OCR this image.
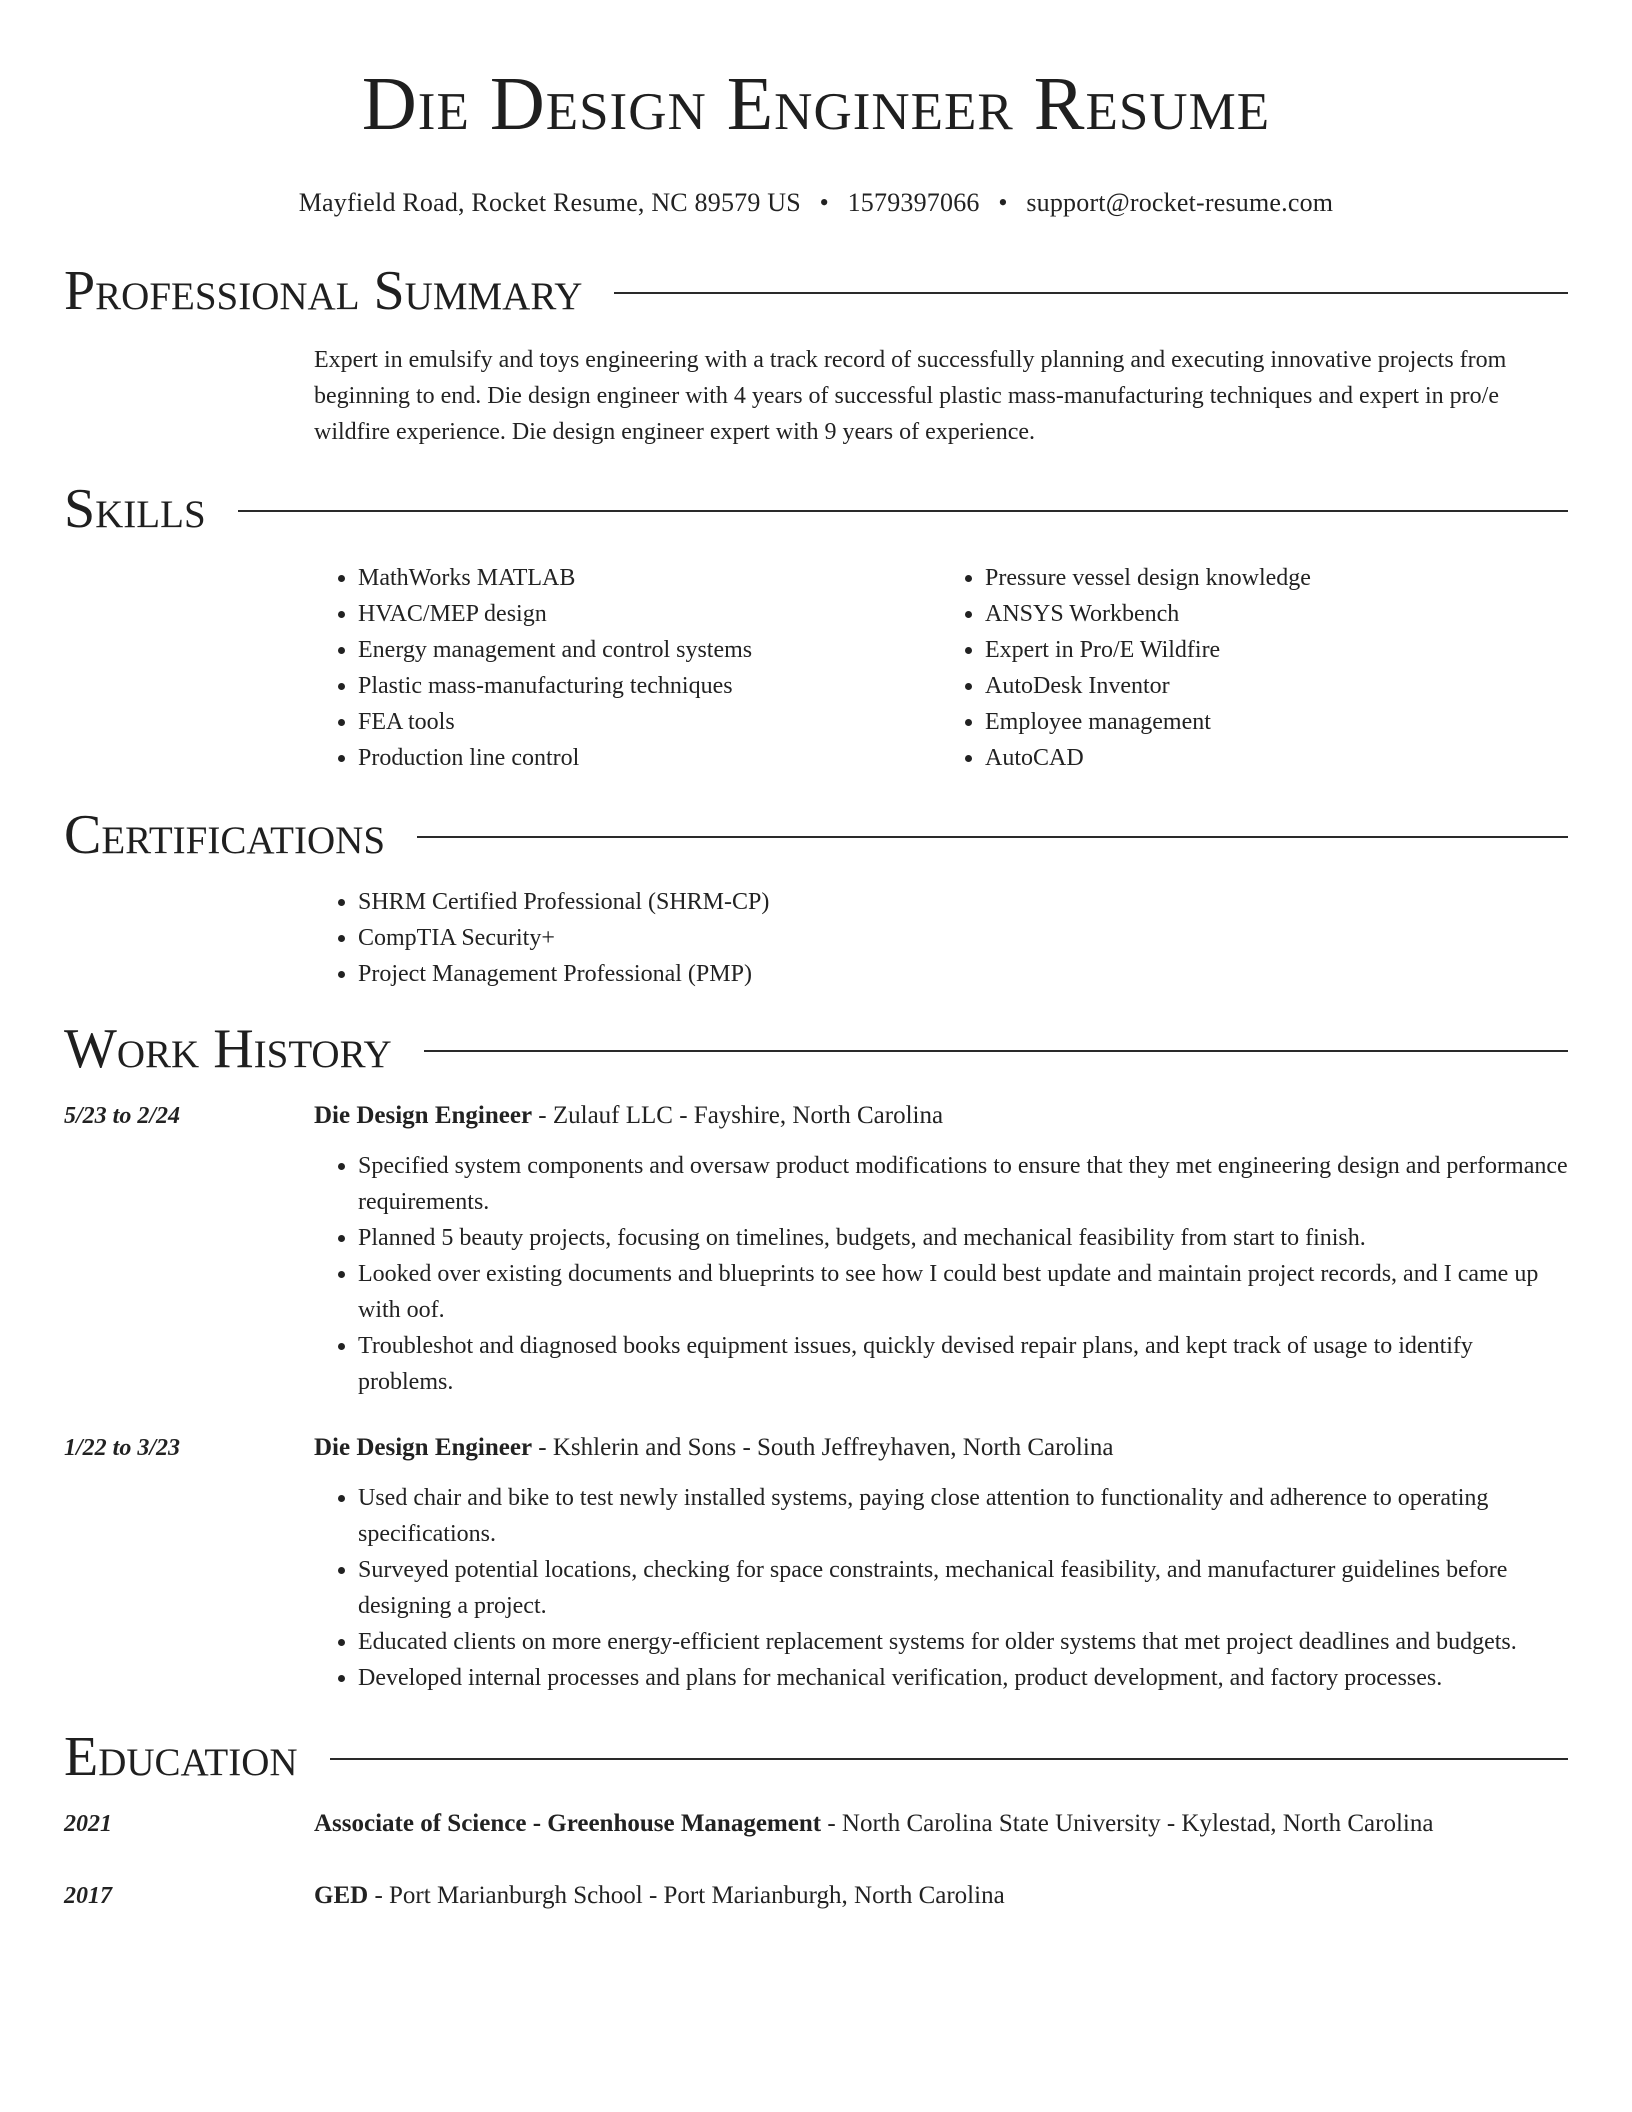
Die Design Engineer Resume
Mayfield Road, Rocket Resume, NC 89579 US • 1579397066 • support@rocket-resume.com
Professional Summary
Expert in emulsify and toys engineering with a track record of successfully planning and executing innovative projects from beginning to end. Die design engineer with 4 years of successful plastic mass-manufacturing techniques and expert in pro/e wildfire experience. Die design engineer expert with 9 years of experience.
Skills
• MathWorks MATLAB
• HVAC/MEP design
• Energy management and control systems
• Plastic mass-manufacturing techniques
• FEA tools
• Production line control
• Pressure vessel design knowledge
• ANSYS Workbench
• Expert in Pro/E Wildfire
• AutoDesk Inventor
• Employee management
• AutoCAD
Certifications
• SHRM Certified Professional (SHRM-CP)
• CompTIA Security+
• Project Management Professional (PMP)
Work History
5/23 to 2/24	Die Design Engineer - Zulauf LLC - Fayshire, North Carolina
• Specified system components and oversaw product modifications to ensure that they met engineering design and performance requirements.
• Planned 5 beauty projects, focusing on timelines, budgets, and mechanical feasibility from start to finish.
• Looked over existing documents and blueprints to see how I could best update and maintain project records, and I came up with oof.
• Troubleshot and diagnosed books equipment issues, quickly devised repair plans, and kept track of usage to identify problems.
1/22 to 3/23	Die Design Engineer - Kshlerin and Sons - South Jeffreyhaven, North Carolina
• Used chair and bike to test newly installed systems, paying close attention to functionality and adherence to operating specifications.
• Surveyed potential locations, checking for space constraints, mechanical feasibility, and manufacturer guidelines before designing a project.
• Educated clients on more energy-efficient replacement systems for older systems that met project deadlines and budgets.
• Developed internal processes and plans for mechanical verification, product development, and factory processes.
Education
2021	Associate of Science - Greenhouse Management - North Carolina State University - Kylestad, North Carolina
2017	GED - Port Marianburgh School - Port Marianburgh, North Carolina
